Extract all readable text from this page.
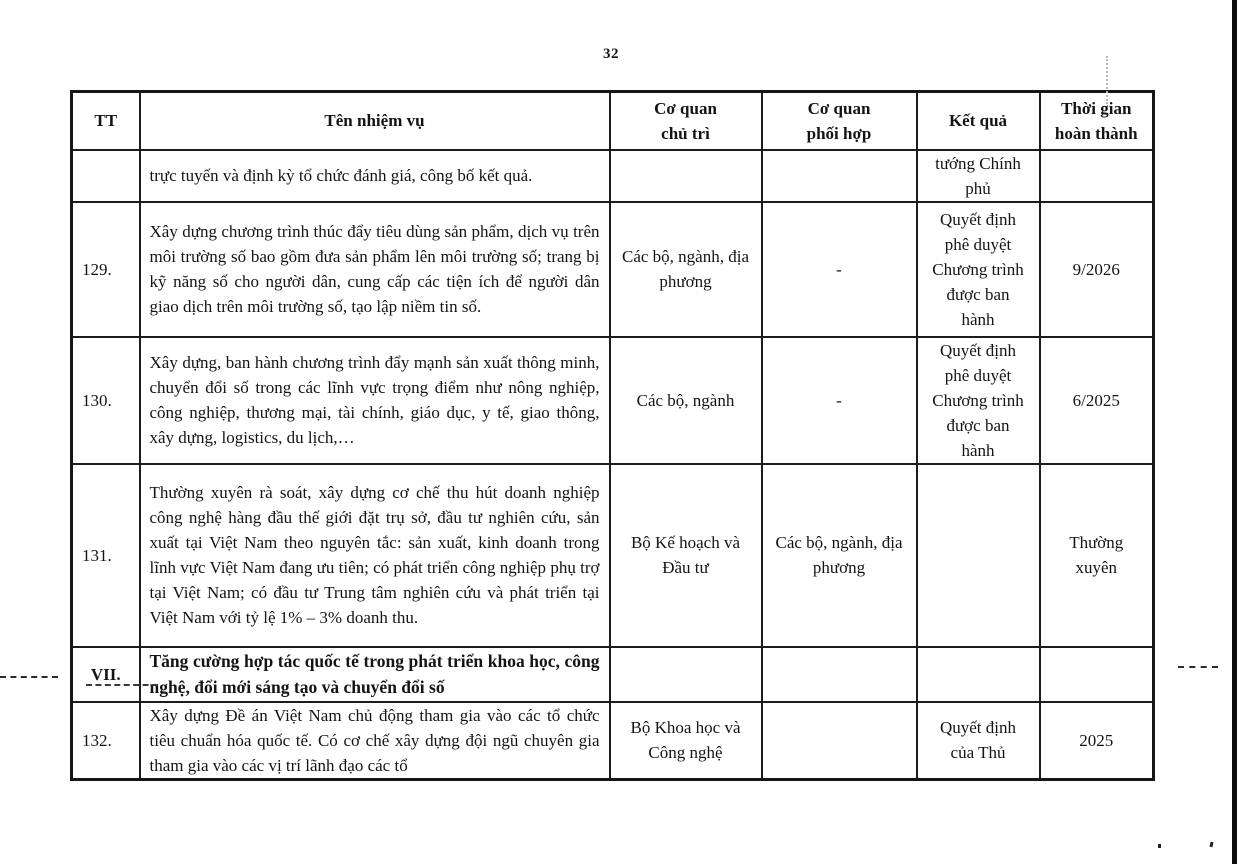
32
TT	Tên nhiệm vụ	Cơ quan chủ trì	Cơ quan phối hợp	Kết quả	Thời gian hoàn thành
	trực tuyến và định kỳ tổ chức đánh giá, công bố kết quả.			tướng Chính phủ	
129.	Xây dựng chương trình thúc đẩy tiêu dùng sản phẩm, dịch vụ trên môi trường số bao gồm đưa sản phẩm lên môi trường số; trang bị kỹ năng số cho người dân, cung cấp các tiện ích để người dân giao dịch trên môi trường số, tạo lập niềm tin số.	Các bộ, ngành, địa phương	-	Quyết định phê duyệt Chương trình được ban hành	9/2026
130.	Xây dựng, ban hành chương trình đẩy mạnh sản xuất thông minh, chuyển đổi số trong các lĩnh vực trọng điểm như nông nghiệp, công nghiệp, thương mại, tài chính, giáo dục, y tế, giao thông, xây dựng, logistics, du lịch,…	Các bộ, ngành	-	Quyết định phê duyệt Chương trình được ban hành	6/2025
131.	Thường xuyên rà soát, xây dựng cơ chế thu hút doanh nghiệp công nghệ hàng đầu thế giới đặt trụ sở, đầu tư nghiên cứu, sản xuất tại Việt Nam theo nguyên tắc: sản xuất, kinh doanh trong lĩnh vực Việt Nam đang ưu tiên; có phát triển công nghiệp phụ trợ tại Việt Nam; có đầu tư Trung tâm nghiên cứu và phát triển tại Việt Nam với tỷ lệ 1% – 3% doanh thu.	Bộ Kế hoạch và Đầu tư	Các bộ, ngành, địa phương		Thường xuyên
VII.	Tăng cường hợp tác quốc tế trong phát triển khoa học, công nghệ, đổi mới sáng tạo và chuyển đổi số				
132.	Xây dựng Đề án Việt Nam chủ động tham gia vào các tổ chức tiêu chuẩn hóa quốc tế. Có cơ chế xây dựng đội ngũ chuyên gia tham gia vào các vị trí lãnh đạo các tổ	Bộ Khoa học và Công nghệ		Quyết định của Thủ	2025
